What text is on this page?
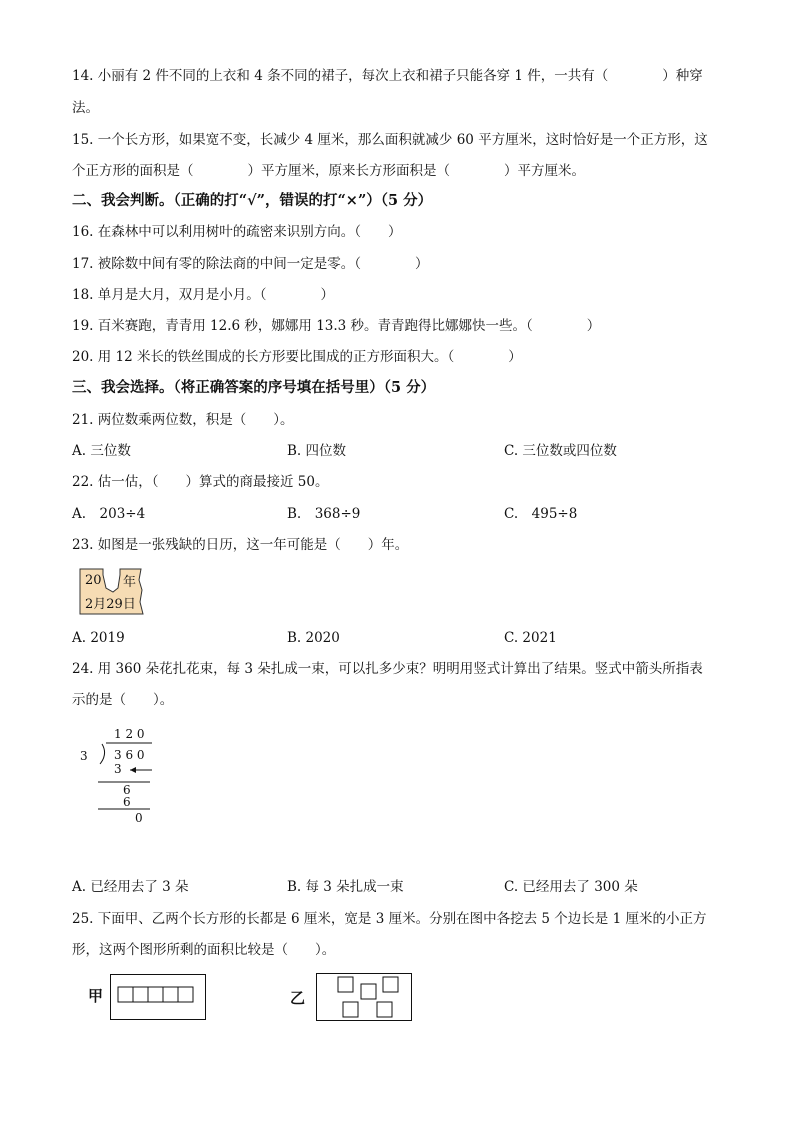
14. 小丽有 2 件不同的上衣和 4 条不同的裙子，每次上衣和裙子只能各穿 1 件，一共有（　　　　）种穿
法。
15. 一个长方形，如果宽不变，长减少 4 厘米，那么面积就减少 60 平方厘米，这时恰好是一个正方形，这
个正方形的面积是（　　　　）平方厘米，原来长方形面积是（　　　　）平方厘米。
二、我会判断。（正确的打“√”，错误的打“×”）（5 分）
16. 在森林中可以利用树叶的疏密来识别方向。（　　）
17. 被除数中间有零的除法商的中间一定是零。（　　　　）
18. 单月是大月，双月是小月。（　　　　）
19. 百米赛跑，青青用 12.6 秒，娜娜用 13.3 秒。青青跑得比娜娜快一些。（　　　　）
20. 用 12 米长的铁丝围成的长方形要比围成的正方形面积大。（　　　　）
三、我会选择。（将正确答案的序号填在括号里）（5 分）
21. 两位数乘两位数，积是（　　）。
A. 三位数	B. 四位数	C. 三位数或四位数
22. 估一估，（　　）算式的商最接近 50。
A.　203÷4	B.　368÷9	C.　495÷8
23. 如图是一张残缺的日历，这一年可能是（　　）年。
20 年
2月29日
A. 2019	B. 2020	C. 2021
24. 用 360 朵花扎花束，每 3 朵扎成一束，可以扎多少束？明明用竖式计算出了结果。竖式中箭头所指表
示的是（　　）。
1 2 0
3 3 6 0
3
6
6
0
A. 已经用去了 3 朵	B. 每 3 朵扎成一束	C. 已经用去了 300 朵
25. 下面甲、乙两个长方形的长都是 6 厘米，宽是 3 厘米。分别在图中各挖去 5 个边长是 1 厘米的小正方
形，这两个图形所剩的面积比较是（　　）。
甲	乙
